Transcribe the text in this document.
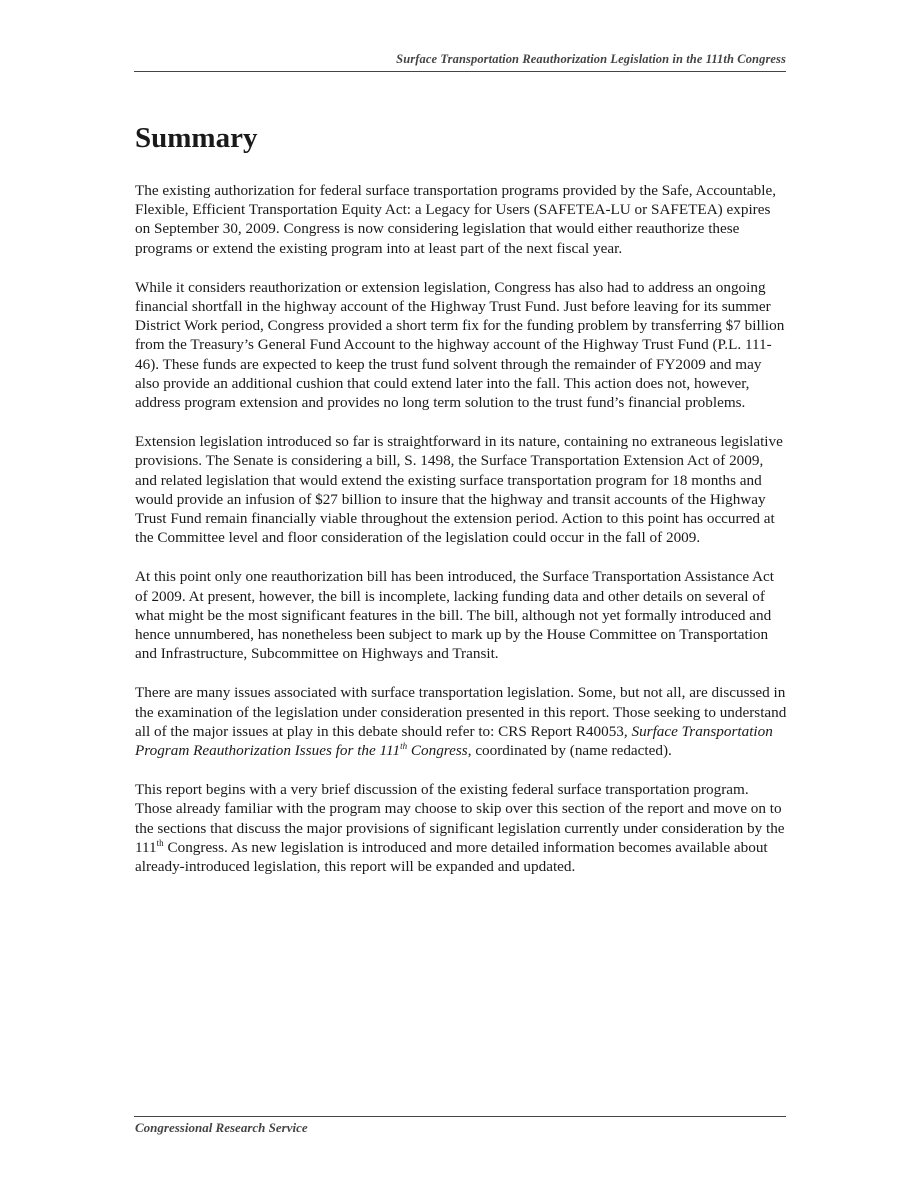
Surface Transportation Reauthorization Legislation in the 111th Congress
Summary

The existing authorization for federal surface transportation programs provided by the Safe, Accountable, Flexible, Efficient Transportation Equity Act: a Legacy for Users (SAFETEA-LU or SAFETEA) expires on September 30, 2009. Congress is now considering legislation that would either reauthorize these programs or extend the existing program into at least part of the next fiscal year.

While it considers reauthorization or extension legislation, Congress has also had to address an ongoing financial shortfall in the highway account of the Highway Trust Fund. Just before leaving for its summer District Work period, Congress provided a short term fix for the funding problem by transferring $7 billion from the Treasury’s General Fund Account to the highway account of the Highway Trust Fund (P.L. 111-46). These funds are expected to keep the trust fund solvent through the remainder of FY2009 and may also provide an additional cushion that could extend later into the fall. This action does not, however, address program extension and provides no long term solution to the trust fund’s financial problems.

Extension legislation introduced so far is straightforward in its nature, containing no extraneous legislative provisions. The Senate is considering a bill, S. 1498, the Surface Transportation Extension Act of 2009, and related legislation that would extend the existing surface transportation program for 18 months and would provide an infusion of $27 billion to insure that the highway and transit accounts of the Highway Trust Fund remain financially viable throughout the extension period. Action to this point has occurred at the Committee level and floor consideration of the legislation could occur in the fall of 2009.

At this point only one reauthorization bill has been introduced, the Surface Transportation Assistance Act of 2009. At present, however, the bill is incomplete, lacking funding data and other details on several of what might be the most significant features in the bill. The bill, although not yet formally introduced and hence unnumbered, has nonetheless been subject to mark up by the House Committee on Transportation and Infrastructure, Subcommittee on Highways and Transit.

There are many issues associated with surface transportation legislation. Some, but not all, are discussed in the examination of the legislation under consideration presented in this report. Those seeking to understand all of the major issues at play in this debate should refer to: CRS Report R40053, Surface Transportation Program Reauthorization Issues for the 111th Congress, coordinated by (name redacted).

This report begins with a very brief discussion of the existing federal surface transportation program. Those already familiar with the program may choose to skip over this section of the report and move on to the sections that discuss the major provisions of significant legislation currently under consideration by the 111th Congress. As new legislation is introduced and more detailed information becomes available about already-introduced legislation, this report will be expanded and updated.

Congressional Research Service
